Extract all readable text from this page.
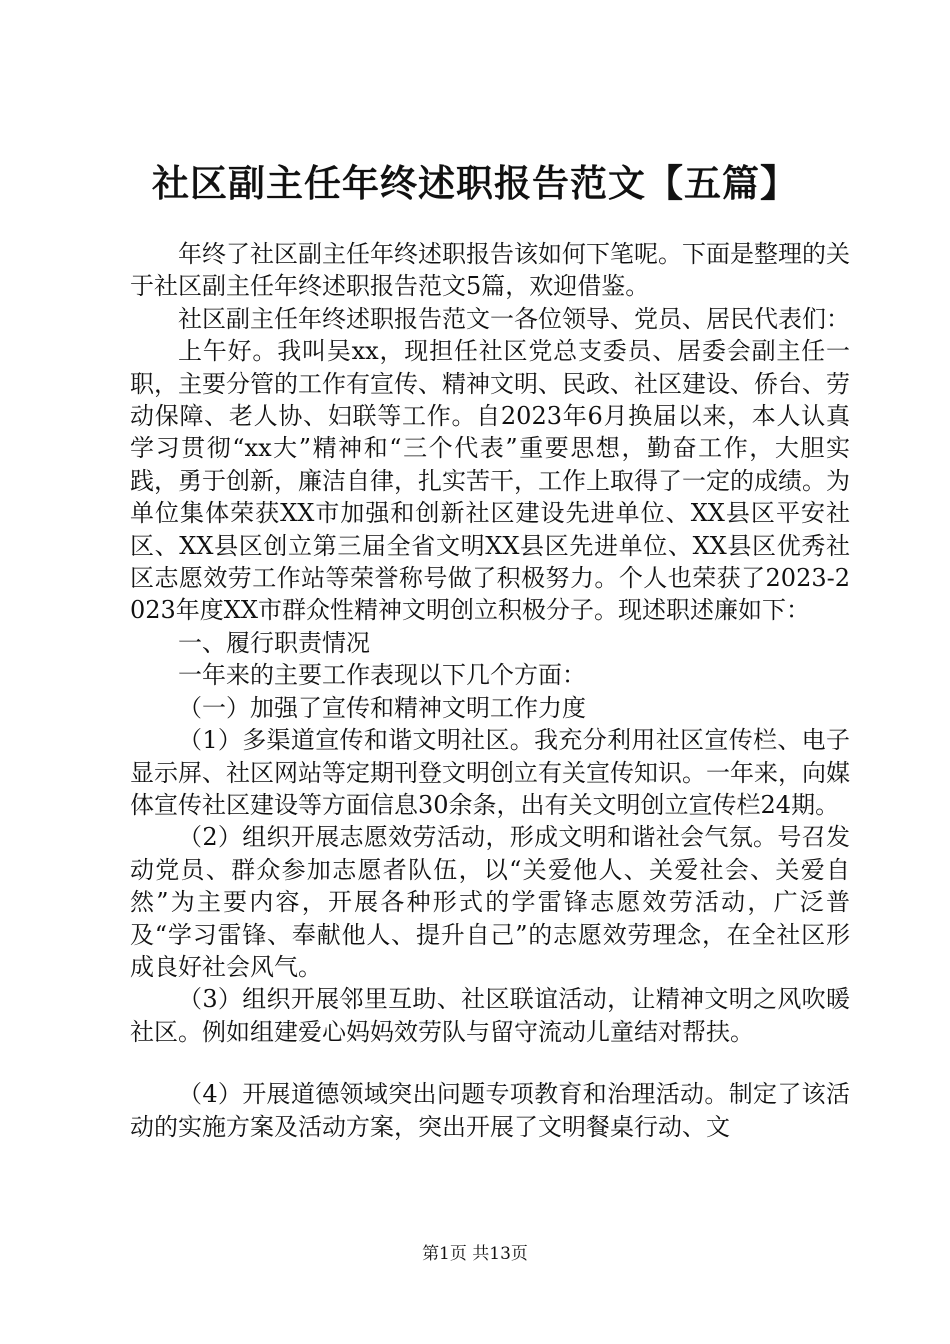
社区副主任年终述职报告范文【五篇】

年终了社区副主任年终述职报告该如何下笔呢。下面是整理的关于社区副主任年终述职报告范文5篇，欢迎借鉴。

社区副主任年终述职报告范文一各位领导、党员、居民代表们：

上午好。我叫吴xx，现担任社区党总支委员、居委会副主任一职，主要分管的工作有宣传、精神文明、民政、社区建设、侨台、劳动保障、老人协、妇联等工作。自2023年6月换届以来，本人认真学习贯彻“xx大”精神和“三个代表”重要思想，勤奋工作，大胆实践，勇于创新，廉洁自律，扎实苦干，工作上取得了一定的成绩。为单位集体荣获XX市加强和创新社区建设先进单位、XX县区平安社区、XX县区创立第三届全省文明XX县区先进单位、XX县区优秀社区志愿效劳工作站等荣誉称号做了积极努力。个人也荣获了2023-2023年度XX市群众性精神文明创立积极分子。现述职述廉如下：

一、履行职责情况

一年来的主要工作表现以下几个方面：

（一）加强了宣传和精神文明工作力度

（1）多渠道宣传和谐文明社区。我充分利用社区宣传栏、电子显示屏、社区网站等定期刊登文明创立有关宣传知识。一年来，向媒体宣传社区建设等方面信息30余条，出有关文明创立宣传栏24期。

（2）组织开展志愿效劳活动，形成文明和谐社会气氛。号召发动党员、群众参加志愿者队伍，以“关爱他人、关爱社会、关爱自然”为主要内容，开展各种形式的学雷锋志愿效劳活动，广泛普及“学习雷锋、奉献他人、提升自己”的志愿效劳理念，在全社区形成良好社会风气。

（3）组织开展邻里互助、社区联谊活动，让精神文明之风吹暖社区。例如组建爱心妈妈效劳队与留守流动儿童结对帮扶。

（4）开展道德领域突出问题专项教育和治理活动。制定了该活动的实施方案及活动方案，突出开展了文明餐桌行动、文

第1页 共13页
